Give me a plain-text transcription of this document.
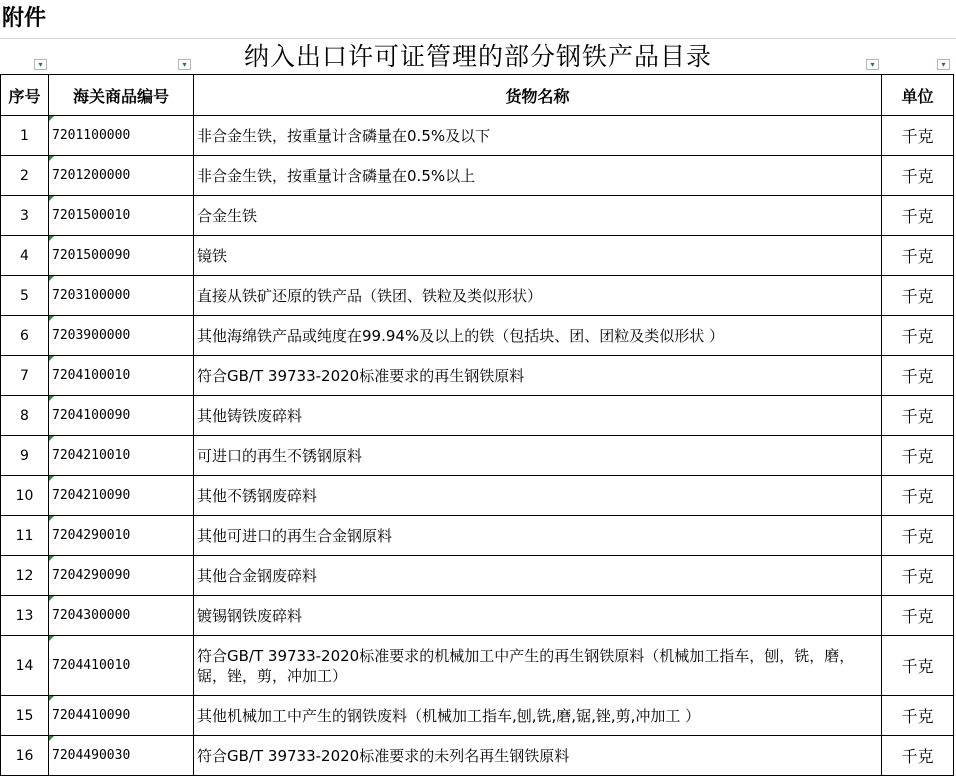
附件
纳入出口许可证管理的部分钢铁产品目录
▾	▾	▾	▾
序号	海关商品编号	货物名称	单位
1	7201100000	非合金生铁，按重量计含磷量在0.5%及以下	千克
2	7201200000	非合金生铁，按重量计含磷量在0.5%以上	千克
3	7201500010	合金生铁	千克
4	7201500090	镜铁	千克
5	7203100000	直接从铁矿还原的铁产品（铁团、铁粒及类似形状）	千克
6	7203900000	其他海绵铁产品或纯度在99.94%及以上的铁（包括块、团、团粒及类似形状 ）	千克
7	7204100010	符合GB/T 39733-2020标准要求的再生钢铁原料	千克
8	7204100090	其他铸铁废碎料	千克
9	7204210010	可进口的再生不锈钢原料	千克
10	7204210090	其他不锈钢废碎料	千克
11	7204290010	其他可进口的再生合金钢原料	千克
12	7204290090	其他合金钢废碎料	千克
13	7204300000	镀锡钢铁废碎料	千克
14	7204410010	符合GB/T 39733-2020标准要求的机械加工中产生的再生钢铁原料（机械加工指车，刨，铣，磨，锯，锉，剪，冲加工）	千克
15	7204410090	其他机械加工中产生的钢铁废料（机械加工指车,刨,铣,磨,锯,锉,剪,冲加工 ）	千克
16	7204490030	符合GB/T 39733-2020标准要求的未列名再生钢铁原料	千克
